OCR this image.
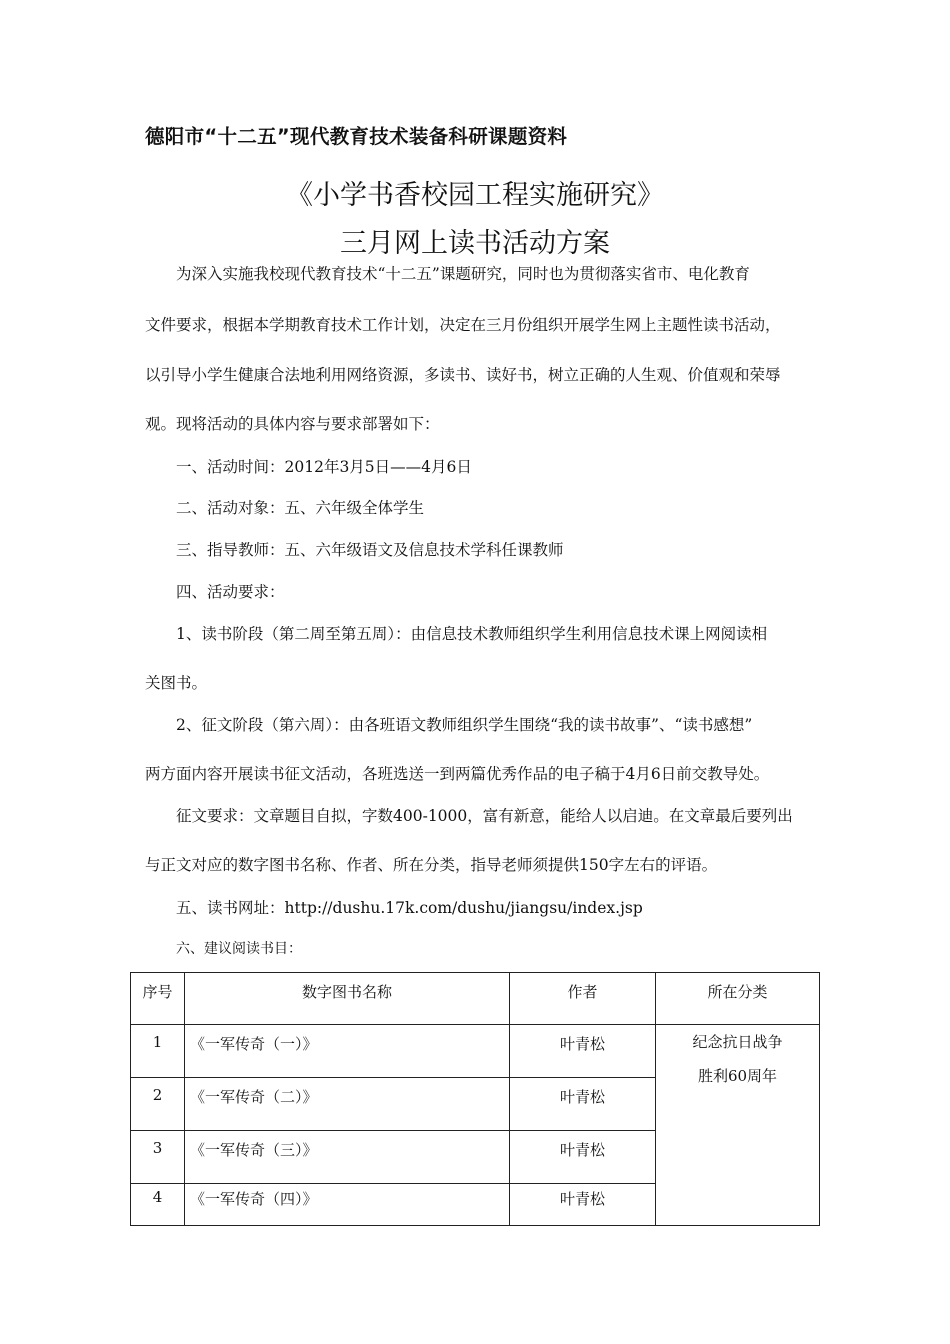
德阳市“十二五”现代教育技术装备科研课题资料
《小学书香校园工程实施研究》
三月网上读书活动方案
为深入实施我校现代教育技术“十二五”课题研究，同时也为贯彻落实省市、电化教育
文件要求，根据本学期教育技术工作计划，决定在三月份组织开展学生网上主题性读书活动，
以引导小学生健康合法地利用网络资源，多读书、读好书，树立正确的人生观、价值观和荣辱
观。现将活动的具体内容与要求部署如下：
一、活动时间：2012年3月5日——4月6日
二、活动对象：五、六年级全体学生
三、指导教师：五、六年级语文及信息技术学科任课教师
四、活动要求：
1、读书阶段（第二周至第五周）：由信息技术教师组织学生利用信息技术课上网阅读相
关图书。
2、征文阶段（第六周）：由各班语文教师组织学生围绕“我的读书故事”、“读书感想”
两方面内容开展读书征文活动，各班选送一到两篇优秀作品的电子稿于4月6日前交教导处。
征文要求：文章题目自拟，字数400-1000，富有新意，能给人以启迪。在文章最后要列出
与正文对应的数字图书名称、作者、所在分类，指导老师须提供150字左右的评语。
五、读书网址：http://dushu.17k.com/dushu/jiangsu/index.jsp
六、建议阅读书目：
序号	数字图书名称	作者	所在分类
1	《一军传奇（一）》	叶青松	纪念抗日战争
胜利60周年

2	《一军传奇（二）》	叶青松	
3	《一军传奇（三）》	叶青松	
4	《一军传奇（四）》	叶青松	
